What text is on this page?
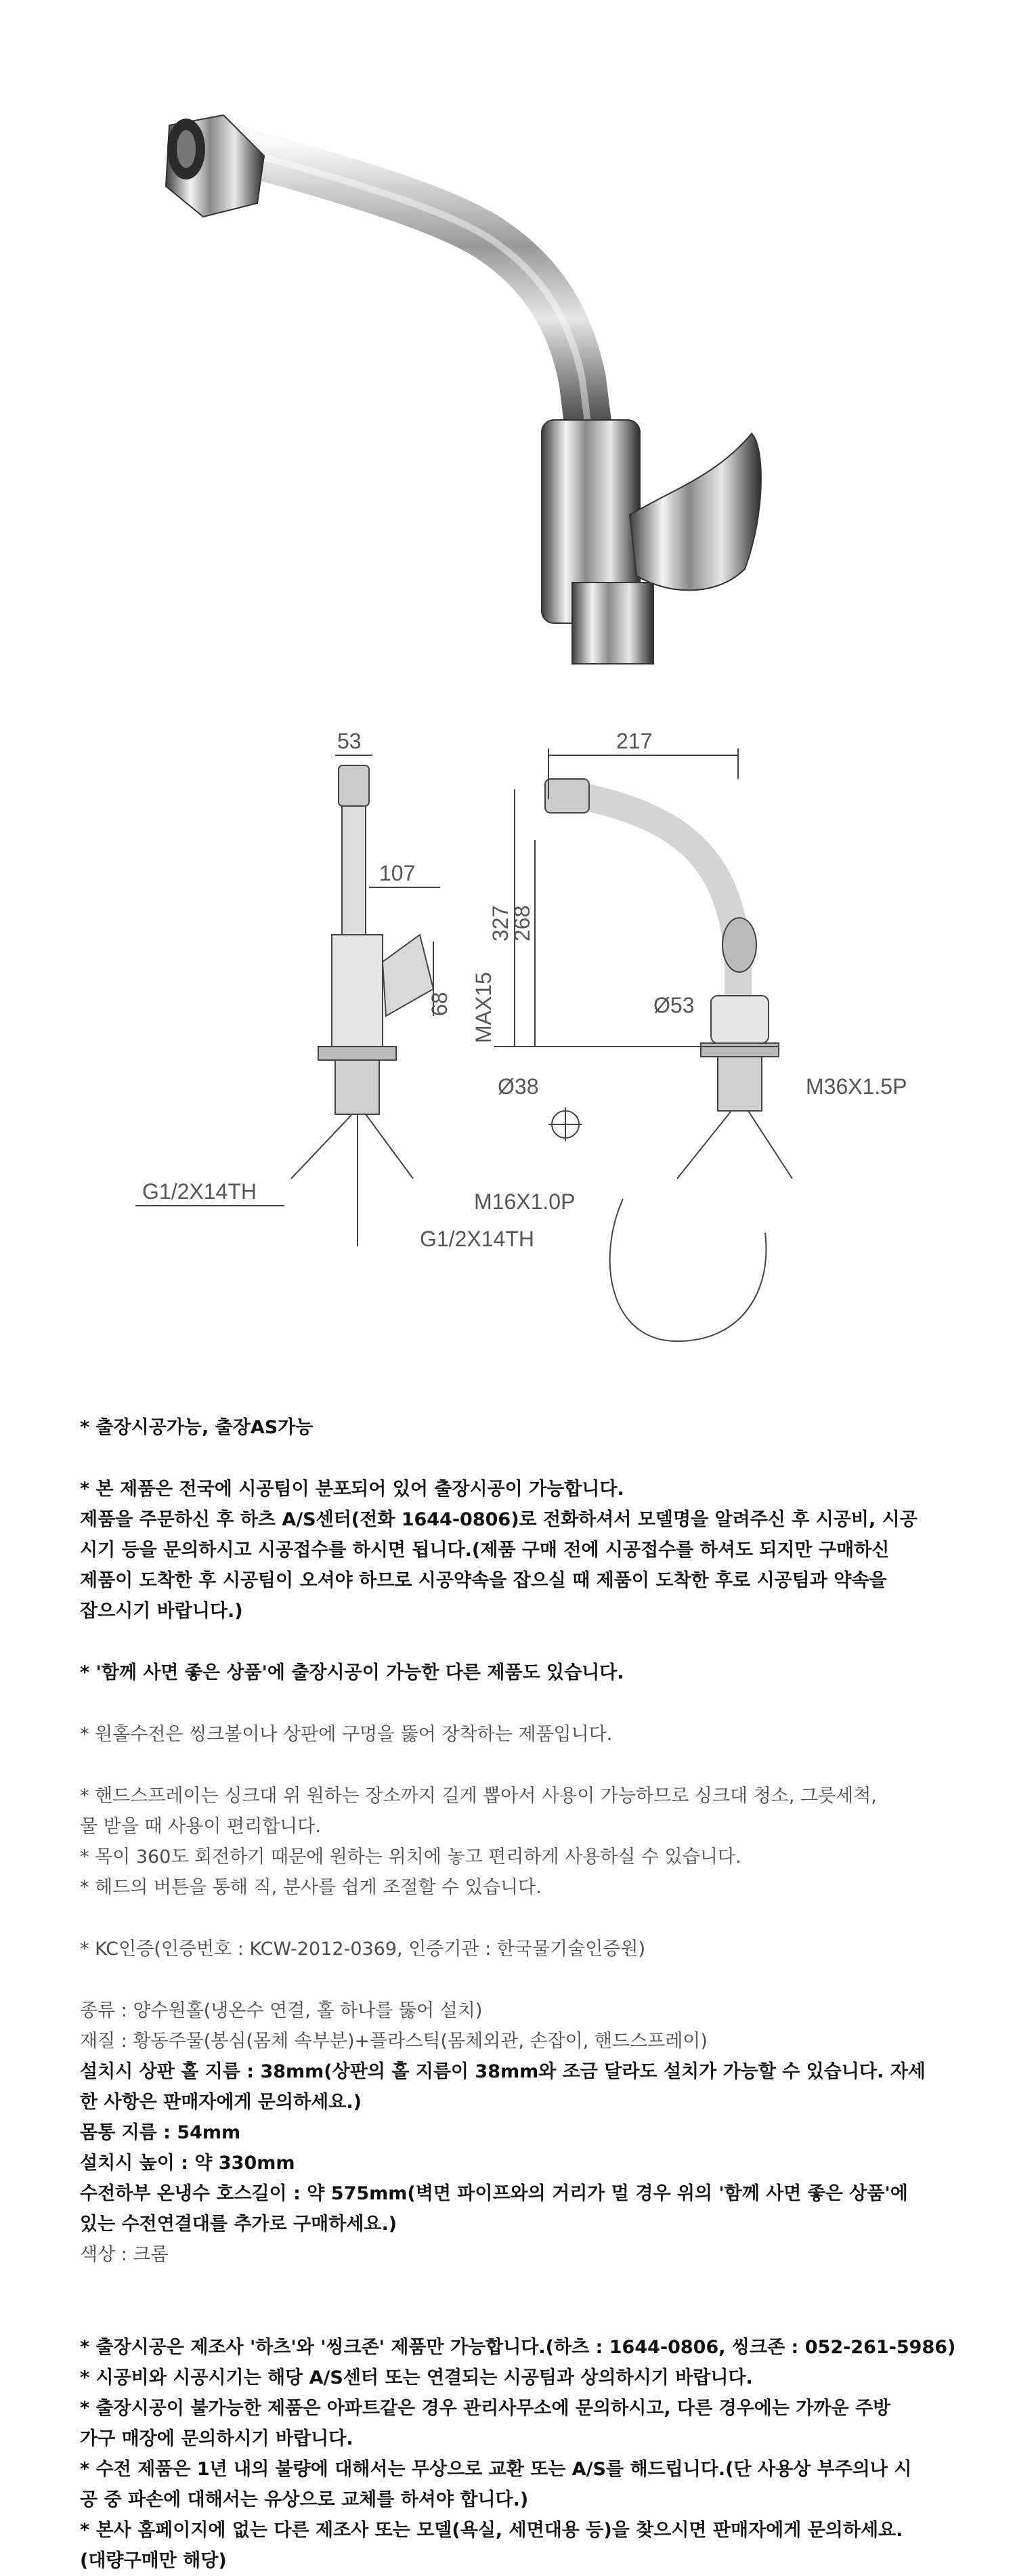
53
107
68
217
327
268
MAX15	Ø53
Ø38	M36X1.5P
M16X1.0P
G1/2X14TH
G1/2X14TH

* 출장시공가능, 출장AS가능

* 본 제품은 전국에 시공팀이 분포되어 있어 출장시공이 가능합니다.

제품을 주문하신 후 하츠 A/S센터(전화 1644-0806)로 전화하셔서 모델명을 알려주신 후 시공비, 시공

시기 등을 문의하시고 시공접수를 하시면 됩니다.(제품 구매 전에 시공접수를 하셔도 되지만 구매하신

제품이 도착한 후 시공팀이 오셔야 하므로 시공약속을 잡으실 때 제품이 도착한 후로 시공팀과 약속을

잡으시기 바랍니다.)

* '함께 사면 좋은 상품'에 출장시공이 가능한 다른 제품도 있습니다.

* 원홀수전은 씽크볼이나 상판에 구멍을 뚫어 장착하는 제품입니다.

* 핸드스프레이는 싱크대 위 원하는 장소까지 길게 뽑아서 사용이 가능하므로 싱크대 청소, 그릇세척,

물 받을 때 사용이 편리합니다.

* 목이 360도 회전하기 때문에 원하는 위치에 놓고 편리하게 사용하실 수 있습니다.

* 헤드의 버튼을 통해 직, 분사를 쉽게 조절할 수 있습니다.

* KC인증(인증번호 : KCW-2012-0369, 인증기관 : 한국물기술인증원)

종류 : 양수원홀(냉온수 연결, 홀 하나를 뚫어 설치)

재질 : 황동주물(봉심(몸체 속부분)+플라스틱(몸체외관, 손잡이, 핸드스프레이)

설치시 상판 홀 지름 : 38mm(상판의 홀 지름이 38mm와 조금 달라도 설치가 가능할 수 있습니다. 자세

한 사항은 판매자에게 문의하세요.)

몸통 지름 : 54mm

설치시 높이 : 약 330mm

수전하부 온냉수 호스길이 : 약 575mm(벽면 파이프와의 거리가 멀 경우 위의 '함께 사면 좋은 상품'에

있는 수전연결대를 추가로 구매하세요.)

색상 : 크롬

* 출장시공은 제조사 '하츠'와 '씽크존' 제품만 가능합니다.(하츠 : 1644-0806, 씽크존 : 052-261-5986)

* 시공비와 시공시기는 해당 A/S센터 또는 연결되는 시공팀과 상의하시기 바랍니다.

* 출장시공이 불가능한 제품은 아파트같은 경우 관리사무소에 문의하시고, 다른 경우에는 가까운 주방

가구 매장에 문의하시기 바랍니다.

* 수전 제품은 1년 내의 불량에 대해서는 무상으로 교환 또는 A/S를 해드립니다.(단 사용상 부주의나 시

공 중 파손에 대해서는 유상으로 교체를 하셔야 합니다.)

* 본사 홈페이지에 없는 다른 제조사 또는 모델(욕실, 세면대용 등)을 찾으시면 판매자에게 문의하세요.

(대량구매만 해당)
